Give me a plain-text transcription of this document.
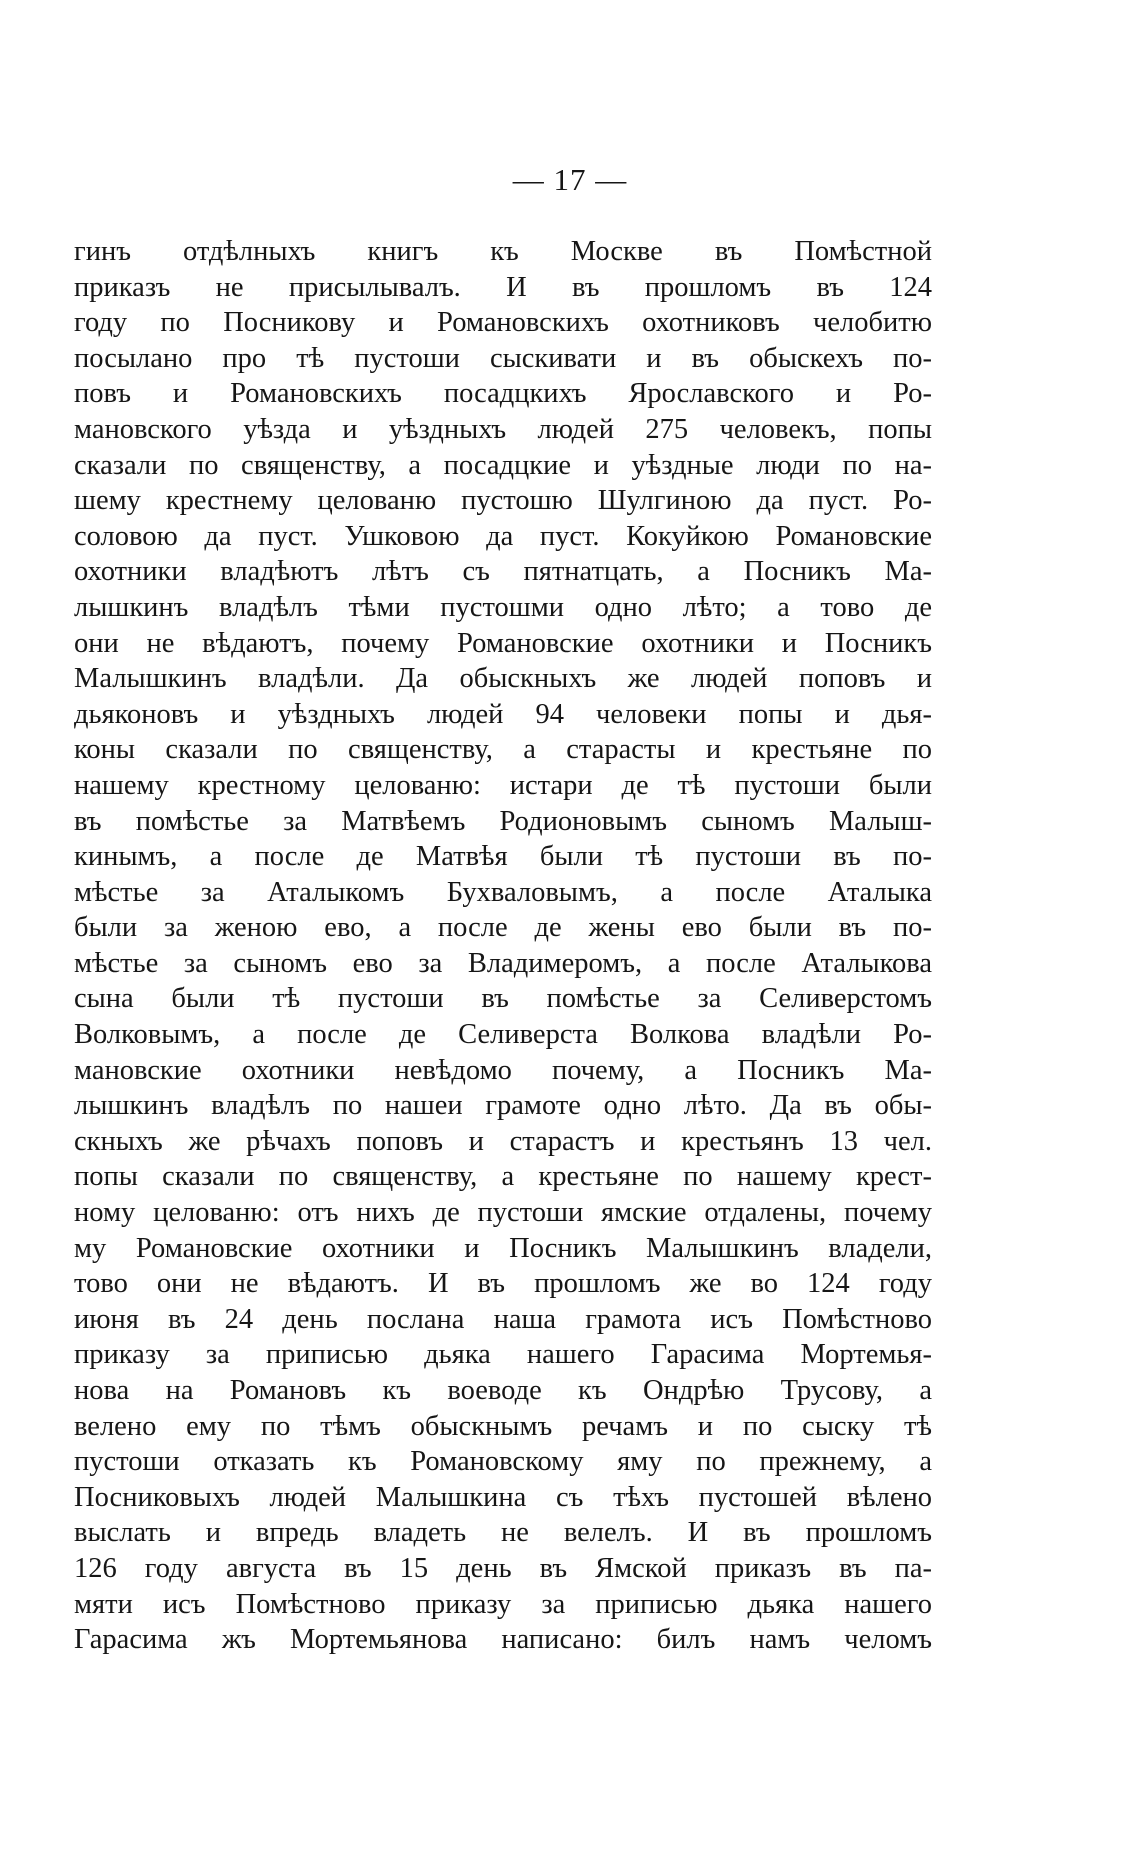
— 17 —
гинъ отдѣлныхъ книгъ къ Москве въ Помѣстной
приказъ не присылывалъ. И въ прошломъ въ 124
году по Посникову и Романовскихъ охотниковъ челобитю
посылано про тѣ пустоши сыскивати и въ обыскехъ по-
повъ и Романовскихъ посадцкихъ Ярославского и Ро-
мановского уѣзда и уѣздныхъ людей 275 человекъ, попы
сказали по священству, а посадцкие и уѣздные люди по на-
шему крестнему целованю пустошю Шулгиною да пуст. Ро-
соловою да пуст. Ушковою да пуст. Кокуйкою Романовские
охотники владѣютъ лѣтъ съ пятнатцать, а Посникъ Ма-
лышкинъ владѣлъ тѣми пустошми одно лѣто; а тово де
они не вѣдаютъ, почему Романовские охотники и Посникъ
Малышкинъ владѣли. Да обыскныхъ же людей поповъ и
дьяконовъ и уѣздныхъ людей 94 человеки попы и дья-
коны сказали по священству, а старасты и крестьяне по
нашему крестному целованю: истари де тѣ пустоши были
въ помѣстье за Матвѣемъ Родионовымъ сыномъ Малыш-
кинымъ, а после де Матвѣя были тѣ пустоши въ по-
мѣстье за Аталыкомъ Бухваловымъ, а после Аталыка
были за женою ево, а после де жены ево были въ по-
мѣстье за сыномъ ево за Владимеромъ, а после Аталыкова
сына были тѣ пустоши въ помѣстье за Селиверстомъ
Волковымъ, а после де Селиверста Волкова владѣли Ро-
мановские охотники невѣдомо почему, а Посникъ Ма-
лышкинъ владѣлъ по нашеи грамоте одно лѣто. Да въ обы-
скныхъ же рѣчахъ поповъ и старастъ и крестьянъ 13 чел.
попы сказали по священству, а крестьяне по нашему крест-
ному целованю: отъ нихъ де пустоши ямские отдалены, почему
му Романовские охотники и Посникъ Малышкинъ владели,
тово они не вѣдаютъ. И въ прошломъ же во 124 году
июня въ 24 день послана наша грамота исъ Помѣстново
приказу за приписью дьяка нашего Гарасима Мортемья-
нова на Романовъ къ воеводе къ Ондрѣю Трусову, а
велено ему по тѣмъ обыскнымъ речамъ и по сыску тѣ
пустоши отказать къ Романовскому яму по прежнему, а
Посниковыхъ людей Малышкина съ тѣхъ пустошей вѣлено
выслать и впредь владеть не велелъ. И въ прошломъ
126 году августа въ 15 день въ Ямской приказъ въ па-
мяти исъ Помѣстново приказу за приписью дьяка нашего
Гарасима жъ Мортемьянова написано: билъ намъ челомъ
